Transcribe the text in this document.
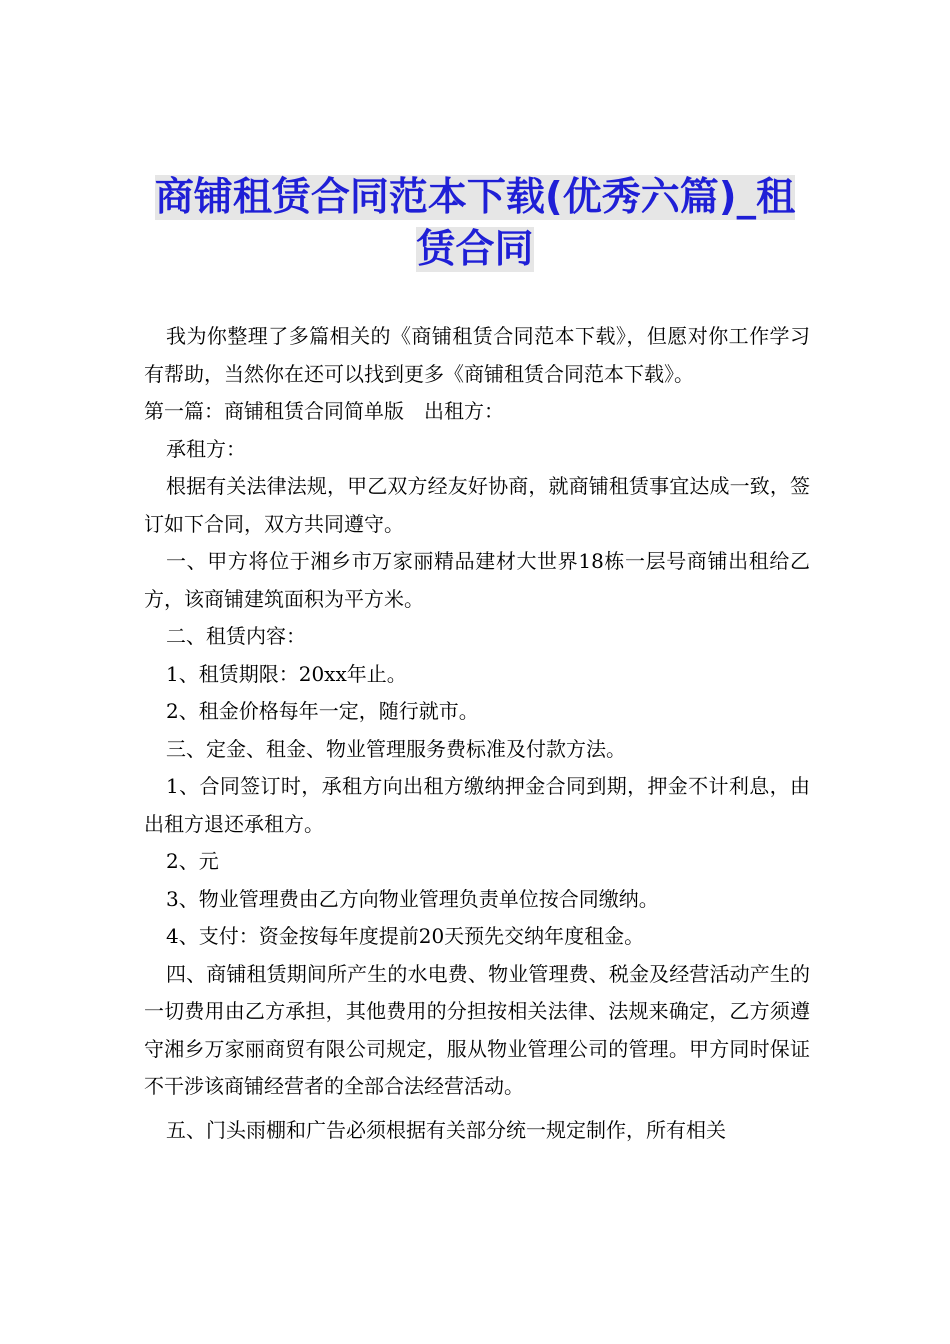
商铺租赁合同范本下载(优秀六篇)_租
赁合同

我为你整理了多篇相关的《商铺租赁合同范本下载》，但愿对你工作学习有帮助，当然你在还可以找到更多《商铺租赁合同范本下载》。

第一篇：商铺租赁合同简单版　出租方：

承租方：

根据有关法律法规，甲乙双方经友好协商，就商铺租赁事宜达成一致，签订如下合同，双方共同遵守。

一、甲方将位于湘乡市万家丽精品建材大世界18栋一层号商铺出租给乙方，该商铺建筑面积为平方米。

二、租赁内容：

1、租赁期限：20xx年止。

2、租金价格每年一定，随行就市。

三、定金、租金、物业管理服务费标准及付款方法。

1、合同签订时，承租方向出租方缴纳押金合同到期，押金不计利息，由出租方退还承租方。

2、元

3、物业管理费由乙方向物业管理负责单位按合同缴纳。

4、支付：资金按每年度提前20天预先交纳年度租金。

四、商铺租赁期间所产生的水电费、物业管理费、税金及经营活动产生的一切费用由乙方承担，其他费用的分担按相关法律、法规来确定，乙方须遵守湘乡万家丽商贸有限公司规定，服从物业管理公司的管理。甲方同时保证不干涉该商铺经营者的全部合法经营活动。

五、门头雨棚和广告必须根据有关部分统一规定制作，所有相关
